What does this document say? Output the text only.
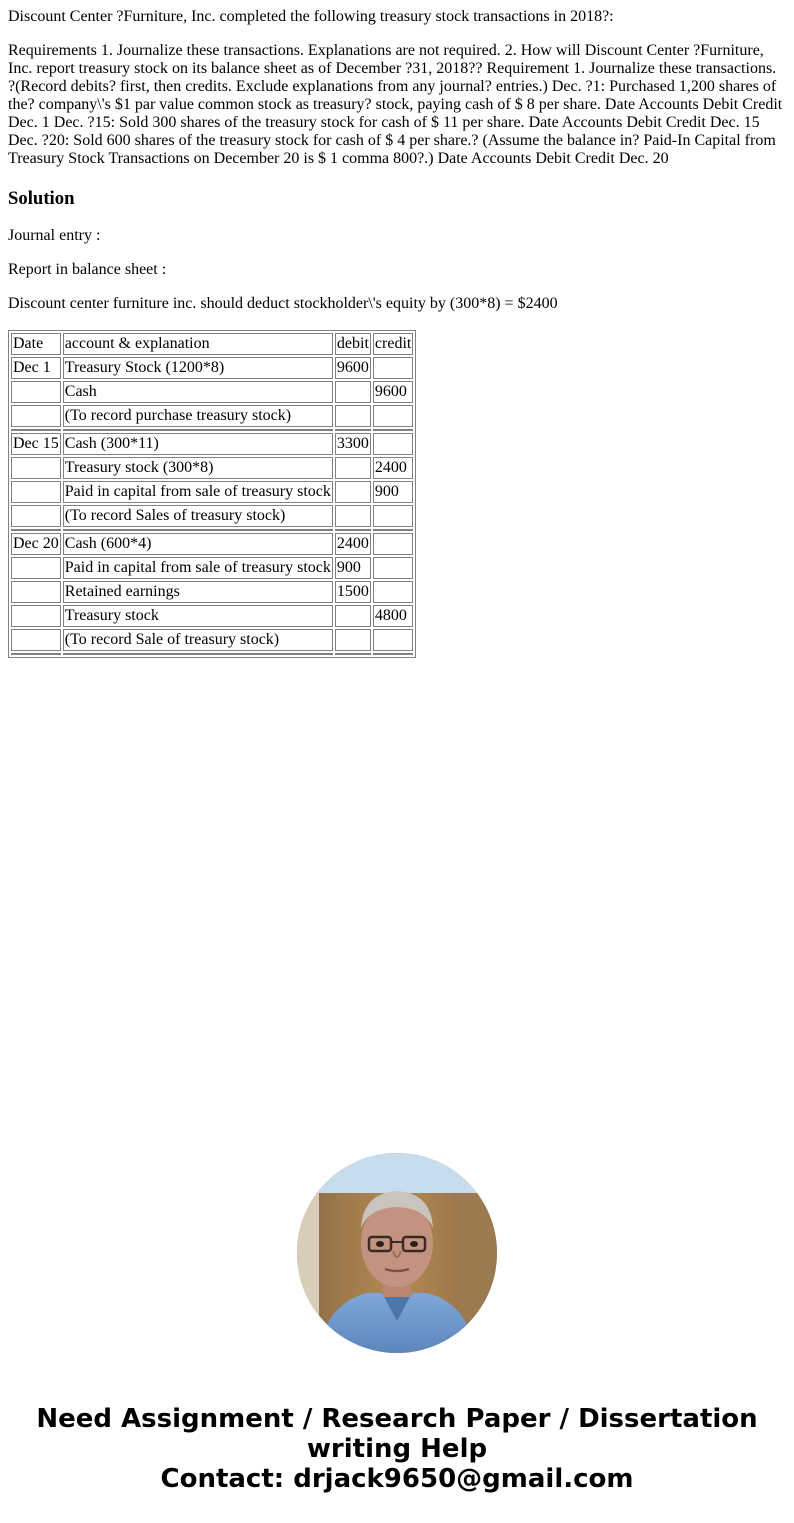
Discount Center ?Furniture, Inc. completed the following treasury stock transactions in 2018?:

Requirements 1. Journalize these transactions. Explanations are not required. 2. How will Discount Center ?Furniture, Inc. report treasury stock on its balance sheet as of December ?31, 2018?? Requirement 1. Journalize these transactions. ?(Record debits? first, then credits. Exclude explanations from any journal? entries.) Dec. ?1: Purchased 1,200 shares of the? company\'s $1 par value common stock as treasury? stock, paying cash of $ 8 per share. Date Accounts Debit Credit Dec. 1 Dec. ?15: Sold 300 shares of the treasury stock for cash of $ 11 per share. Date Accounts Debit Credit Dec. 15 Dec. ?20: Sold 600 shares of the treasury stock for cash of $ 4 per share.? (Assume the balance in? Paid-In Capital from Treasury Stock Transactions on December 20 is $ 1 comma 800?.) Date Accounts Debit Credit Dec. 20

Solution

Journal entry :

Report in balance sheet :

Discount center furniture inc. should deduct stockholder\'s equity by (300*8) = $2400

Date	account & explanation	debit	credit
Dec 1	Treasury Stock (1200*8)	9600	
	Cash		9600
	(To record purchase treasury stock)		

Dec 15	Cash (300*11)	3300	
	Treasury stock (300*8)		2400
	Paid in capital from sale of treasury stock		900
	(To record Sales of treasury stock)		

Dec 20	Cash (600*4)	2400	
	Paid in capital from sale of treasury stock	900	
	Retained earnings	1500	
	Treasury stock		4800
	(To record Sale of treasury stock)		

Need Assignment / Research Paper / Dissertation
writing Help
Contact: drjack9650@gmail.com
